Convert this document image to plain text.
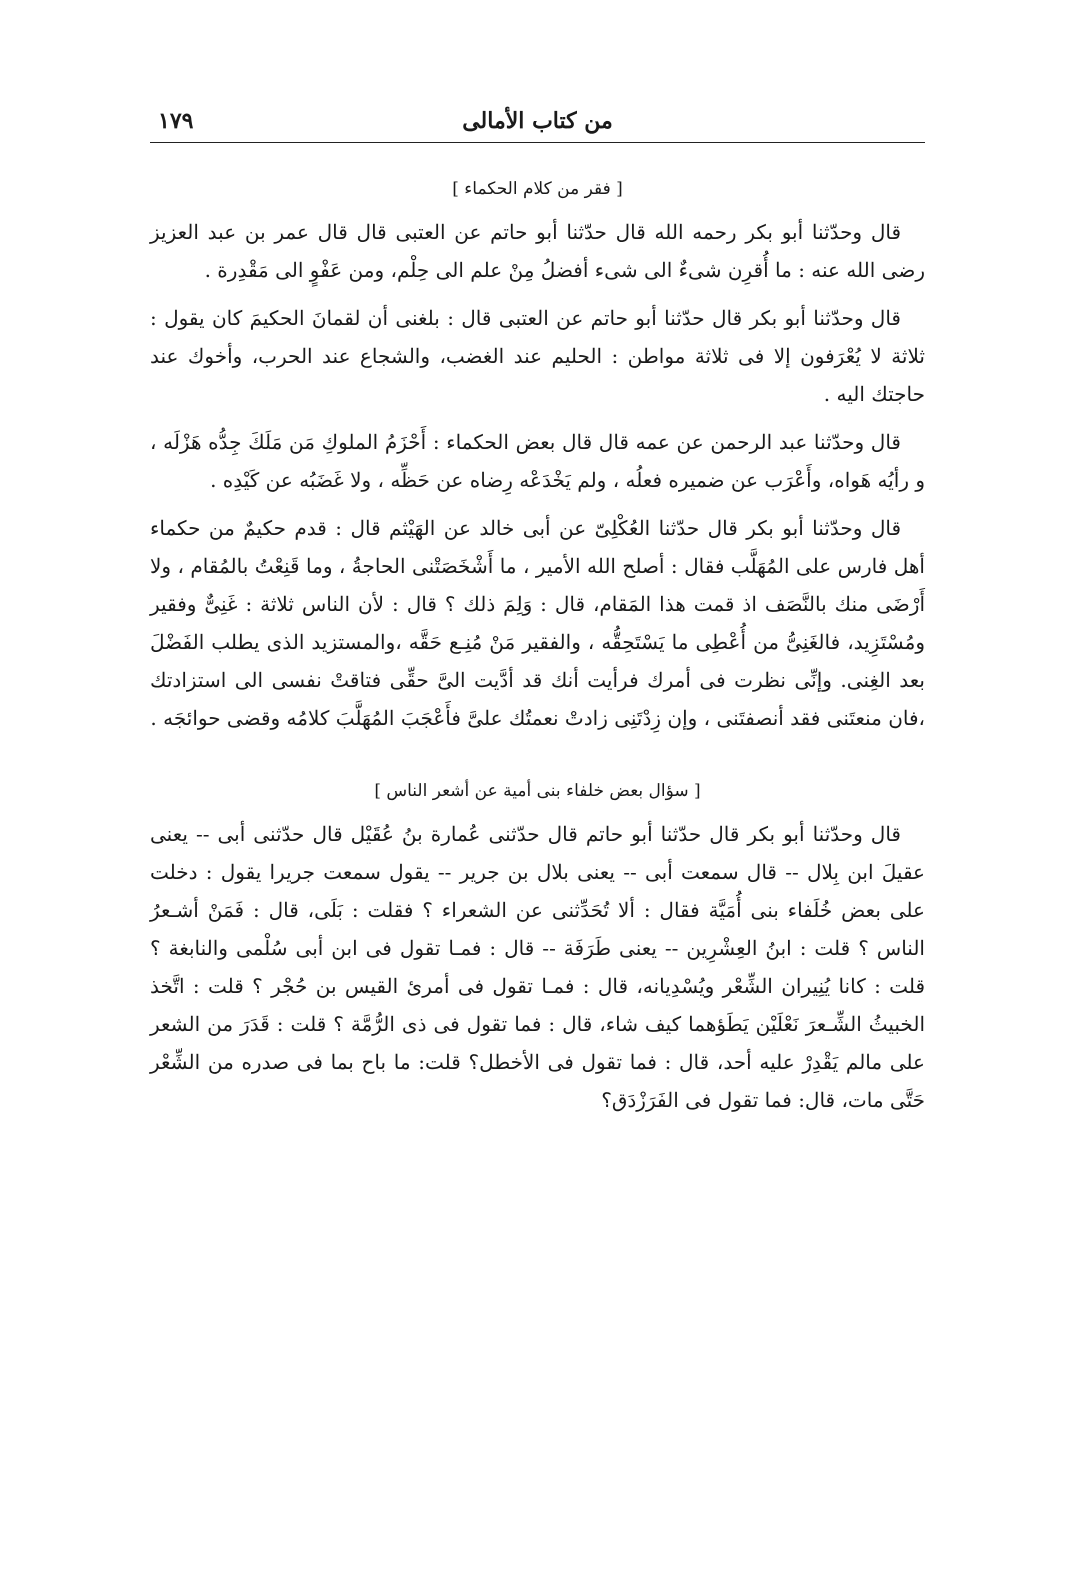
من كتاب الأمالى
١٧٩
[ فقر من كلام الحكماء ]

قال وحدّثنا أبو بكر رحمه الله قال حدّثنا أبو حاتم عن العتبى قال قال عمر بن عبد العزيز رضى الله عنه : ما أُقرِن شىءٌ الى شىء أفضلُ مِنْ علم الى حِلْم، ومن عَفْوٍ الى مَقْدِرة .

قال وحدّثنا أبو بكر قال حدّثنا أبو حاتم عن العتبى قال : بلغنى أن لقمانَ الحكيمَ كان يقول : ثلاثة لا يُعْرَفون إلا فى ثلاثة مواطن : الحليم عند الغضب، والشجاع عند الحرب، وأخوك عند حاجتك اليه .

قال وحدّثنا عبد الرحمن عن عمه قال قال بعض الحكماء : أَحْزَمُ الملوكِ مَن مَلَكَ جِدُّه هَزْلَه ، و رأيُه هَواه، وأَعْرَب عن ضميره فعلُه ، ولم يَخْدَعْه رِضاه عن حَظِّه ، ولا غَضَبُه عن كَيْدِه .

قال وحدّثنا أبو بكر قال حدّثنا العُكْلِىّ عن أبى خالد عن الهَيْثم قال : قدم حكيمٌ من حكماء أهل فارس على المُهَلَّب فقال : أصلح الله الأمير ، ما أَشْخَصَتْنى الحاجةُ ، وما قَنِعْتُ بالمُقام ، ولا أَرْضَى منك بالنَّصَف اذ قمت هذا المَقام، قال : وَلِمَ ذلك ؟ قال : لأن الناس ثلاثة : غَنِىٌّ وفقير ومُسْتَزِيد، فالغَنِىُّ من أُعْطِى ما يَسْتَحِقُّه ، والفقير مَنْ مُنِـع حَقَّه ،والمستزيد الذى يطلب الفَضْلَ بعد الغِنى. وإنِّى نظرت فى أمرك فرأيت أنك قد أدَّيت الىَّ حقِّى فتاقتْ نفسى الى استزادتك ،فان منعتَنى فقد أنصفتَنى ، وإن زِدْتَنِى زادتْ نعمتُك علىَّ فأَعْجَبَ المُهَلَّبَ كلامُه وقضى حوائجَه .

[ سؤال بعض خلفاء بنى أمية عن أشعر الناس ]

قال وحدّثنا أبو بكر قال حدّثنا أبو حاتم قال حدّثنى عُمارة بنُ عُقَيْل قال حدّثنى أبى -- يعنى عقيلَ ابن بِلال -- قال سمعت أبى -- يعنى بلال بن جرير -- يقول سمعت جريرا يقول : دخلت على بعض خُلَفاء بنى أُمَيَّة فقال : ألا تُحَدِّثنى عن الشعراء ؟ فقلت : بَلَى، قال : فَمَنْ أشـعرُ الناس ؟ قلت : ابنُ العِشْرِين -- يعنى طَرَفَة -- قال : فمـا تقول فى ابن أبى سُلْمى والنابغة ؟ قلت : كانا يُنِيران الشِّعْر ويُسْدِيانه، قال : فمـا تقول فى أمرئ القيس بن حُجْر ؟ قلت : اتَّخذ الخبيثُ الشِّـعرَ نَعْلَيْن يَطَؤهما كيف شاء، قال : فما تقول فى ذى الرُّمَّة ؟ قلت : قَدَرَ من الشعر على مالم يَقْدِرْ عليه أحد، قال : فما تقول فى الأخطل؟ قلت: ما باح بما فى صدره من الشِّعْر حَتَّى مات، قال: فما تقول فى الفَرَزْدَق؟
